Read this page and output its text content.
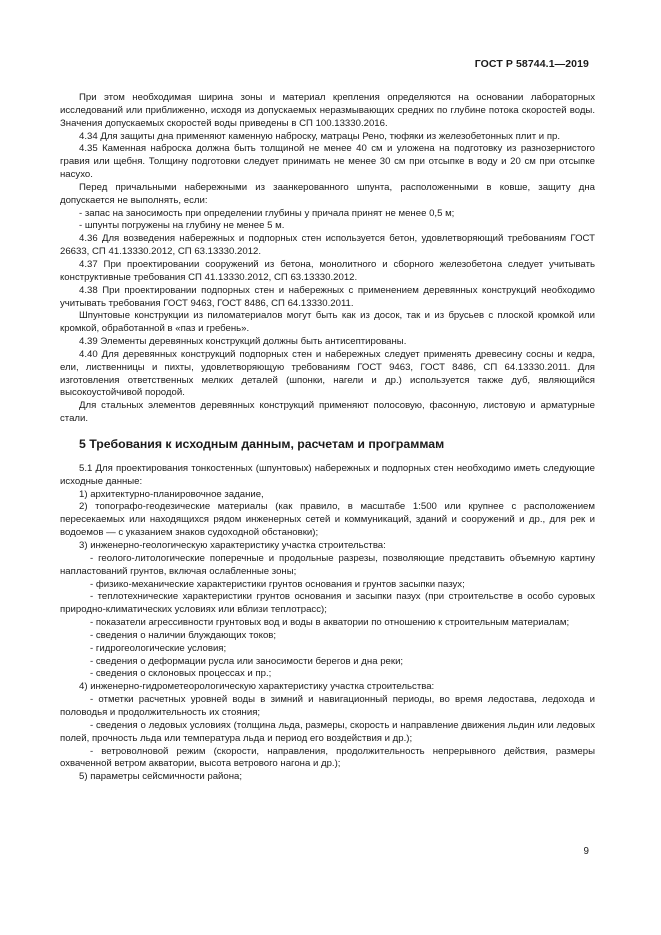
ГОСТ Р 58744.1—2019

При этом необходимая ширина зоны и материал крепления определяются на основании лабораторных исследований или приближенно, исходя из допускаемых неразмывающих средних по глубине потока скоростей воды. Значения допускаемых скоростей воды приведены в СП 100.13330.2016.

4.34 Для защиты дна применяют каменную наброску, матрацы Рено, тюфяки из железобетонных плит и пр.

4.35 Каменная наброска должна быть толщиной не менее 40 см и уложена на подготовку из разнозернистого гравия или щебня. Толщину подготовки следует принимать не менее 30 см при отсыпке в воду и 20 см при отсыпке насухо.

Перед причальными набережными из заанкерованного шпунта, расположенными в ковше, защиту дна допускается не выполнять, если:

- запас на заносимость при определении глубины у причала принят не менее 0,5 м;

- шпунты погружены на глубину не менее 5 м.

4.36 Для возведения набережных и подпорных стен используется бетон, удовлетворяющий требованиям ГОСТ 26633, СП 41.13330.2012, СП 63.13330.2012.

4.37 При проектировании сооружений из бетона, монолитного и сборного железобетона следует учитывать конструктивные требования СП 41.13330.2012, СП 63.13330.2012.

4.38 При проектировании подпорных стен и набережных с применением деревянных конструкций необходимо учитывать требования ГОСТ 9463, ГОСТ 8486, СП 64.13330.2011.

Шпунтовые конструкции из пиломатериалов могут быть как из досок, так и из брусьев с плоской кромкой или кромкой, обработанной в «паз и гребень».

4.39 Элементы деревянных конструкций должны быть антисептированы.

4.40 Для деревянных конструкций подпорных стен и набережных следует применять древесину сосны и кедра, ели, лиственницы и пихты, удовлетворяющую требованиям ГОСТ 9463, ГОСТ 8486, СП 64.13330.2011. Для изготовления ответственных мелких деталей (шпонки, нагели и др.) используется также дуб, являющийся высокоустойчивой породой.

Для стальных элементов деревянных конструкций применяют полосовую, фасонную, листовую и арматурные стали.

5 Требования к исходным данным, расчетам и программам

5.1 Для проектирования тонкостенных (шпунтовых) набережных и подпорных стен необходимо иметь следующие исходные данные:

1) архитектурно-планировочное задание,

2) топографо-геодезические материалы (как правило, в масштабе 1:500 или крупнее с расположением пересекаемых или находящихся рядом инженерных сетей и коммуникаций, зданий и сооружений и др., для рек и водоемов — с указанием знаков судоходной обстановки);

3) инженерно-геологическую характеристику участка строительства:

- геолого-литологические поперечные и продольные разрезы, позволяющие представить объемную картину напластований грунтов, включая ослабленные зоны;

- физико-механические характеристики грунтов основания и грунтов засыпки пазух;

- теплотехнические характеристики грунтов основания и засыпки пазух (при строительстве в особо суровых природно-климатических условиях или вблизи теплотрасс);

- показатели агрессивности грунтовых вод и воды в акватории по отношению к строительным материалам;

- сведения о наличии блуждающих токов;

- гидрогеологические условия;

- сведения о деформации русла или заносимости берегов и дна реки;

- сведения о склоновых процессах и пр.;

4) инженерно-гидрометеорологическую характеристику участка строительства:

- отметки расчетных уровней воды в зимний и навигационный периоды, во время ледостава, ледохода и половодья и продолжительность их стояния;

- сведения о ледовых условиях (толщина льда, размеры, скорость и направление движения льдин или ледовых полей, прочность льда или температура льда и период его воздействия и др.);

- ветроволновой режим (скорости, направления, продолжительность непрерывного действия, размеры охваченной ветром акватории, высота ветрового нагона и др.);

5) параметры сейсмичности района;

9
